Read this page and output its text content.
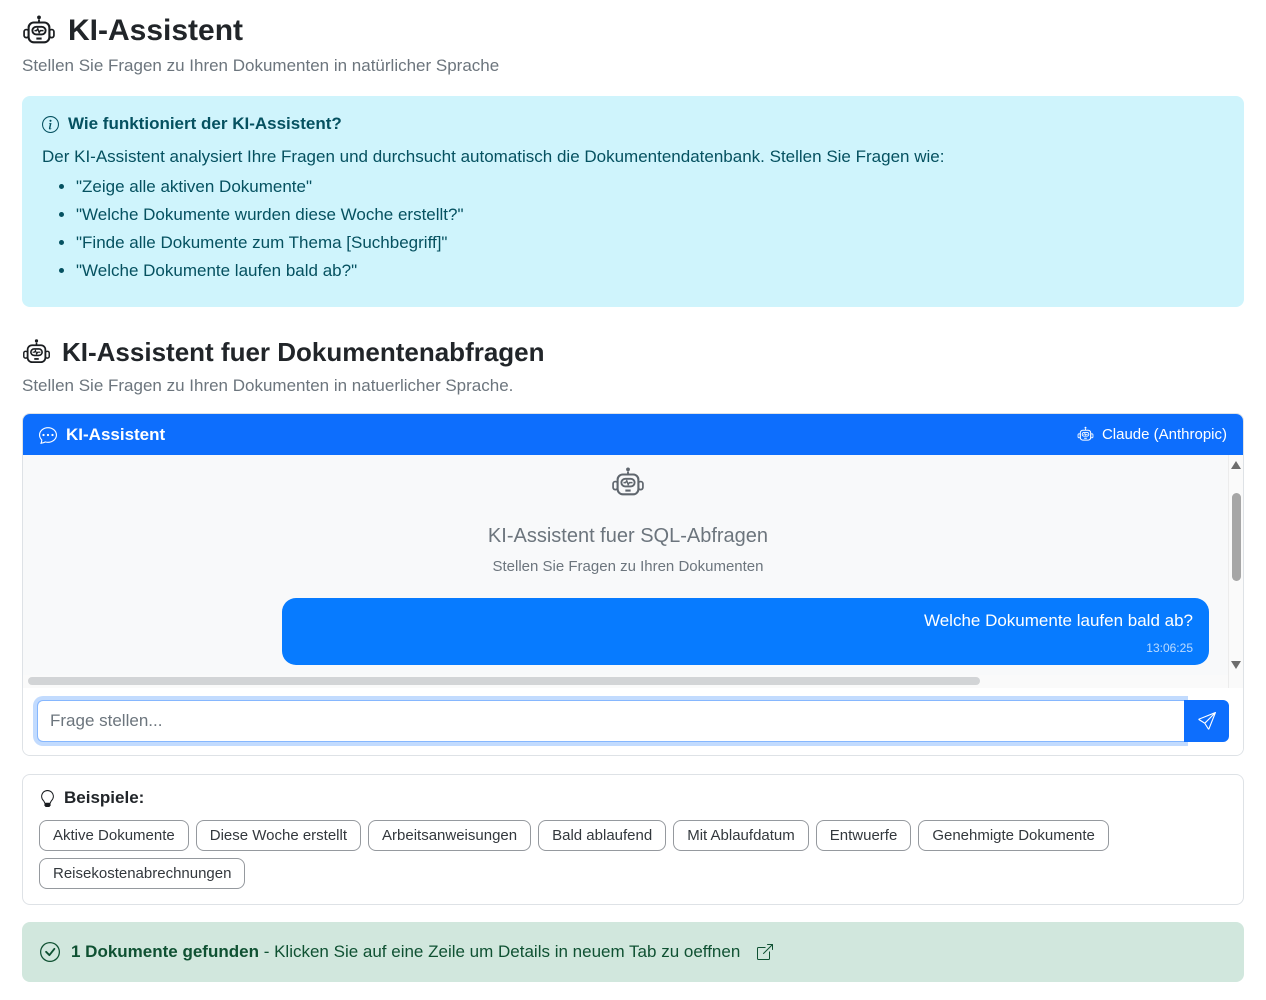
KI-Assistent

Stellen Sie Fragen zu Ihren Dokumenten in natürlicher Sprache

Wie funktioniert der KI-Assistent?

Der KI-Assistent analysiert Ihre Fragen und durchsucht automatisch die Dokumentendatenbank. Stellen Sie Fragen wie:

• "Zeige alle aktiven Dokumente"
• "Welche Dokumente wurden diese Woche erstellt?"
• "Finde alle Dokumente zum Thema [Suchbegriff]"
• "Welche Dokumente laufen bald ab?"
KI-Assistent fuer Dokumentenabfragen

Stellen Sie Fragen zu Ihren Dokumenten in natuerlicher Sprache.

KI-Assistent	Claude (Anthropic)

KI-Assistent fuer SQL-Abfragen

Stellen Sie Fragen zu Ihren Dokumenten

Welche Dokumente laufen bald ab?
13:06:25
Frage stellen...
Beispiele:
Aktive Dokumente	Diese Woche erstellt	Arbeitsanweisungen	Bald ablaufend	Mit Ablaufdatum	Entwuerfe	Genehmigte Dokumente
Reisekostenabrechnungen
1 Dokumente gefunden - Klicken Sie auf eine Zeile um Details in neuem Tab zu oeffnen
